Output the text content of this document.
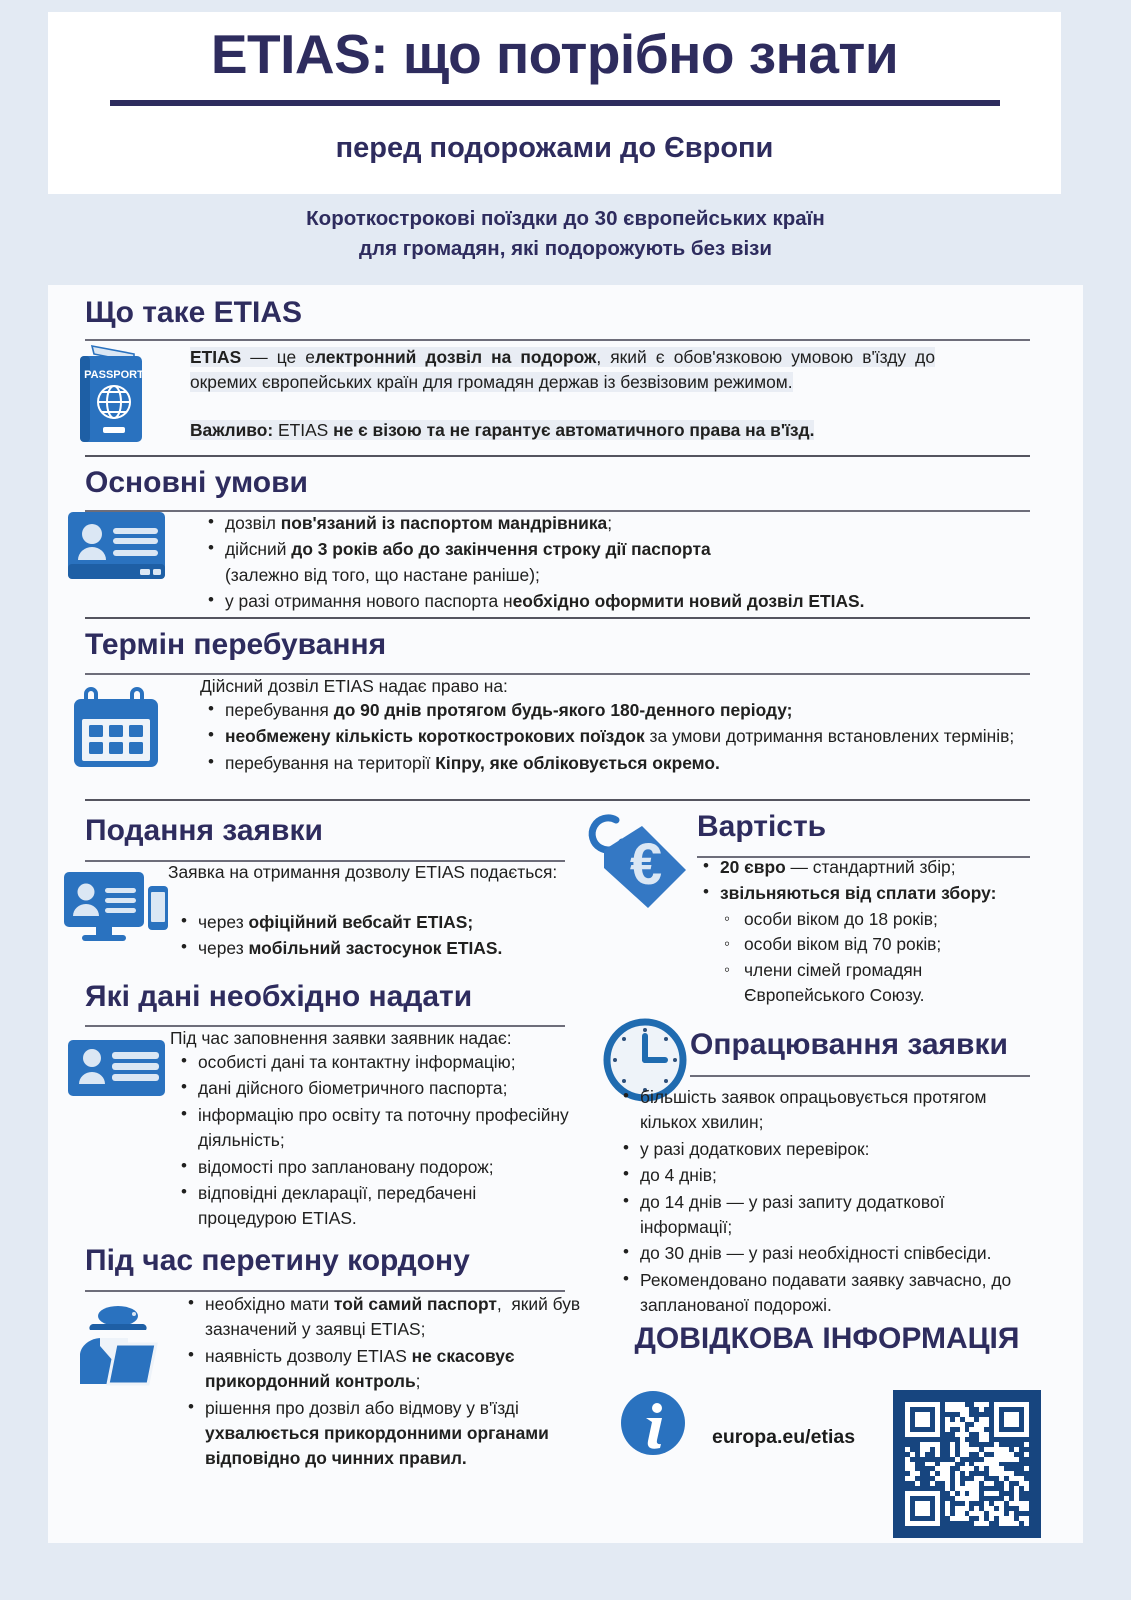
ETIAS: що потрібно знати
перед подорожами до Європи
Короткострокові поїздки до 30 європейських країн
для громадян, які подорожують без візи
Що таке ETIAS
PASSPORT
ETIAS — це електронний дозвіл на подорож, який є обов'язковою умовою в'їзду до окремих європейських країн для громадян держав із безвізовим режимом.
Важливо: ETIAS не є візою та не гарантує автоматичного права на в'їзд.
Основні умови
• дозвіл пов'язаний із паспортом мандрівника;
• дійсний до 3 років або до закінчення строку дії паспорта
(залежно від того, що настане раніше);
• у разі отримання нового паспорта необхідно оформити новий дозвіл ETIAS.
Термін перебування
Дійсний дозвіл ETIAS надає право на:
• перебування до 90 днів протягом будь-якого 180-денного періоду;
• необмежену кількість короткострокових поїздок за умови дотримання встановлених термінів;
• перебування на території Кіпру, яке обліковується окремо.
Подання заявки
Заявка на отримання дозволу ETIAS подається:
• через офіційний вебсайт ETIAS;
• через мобільний застосунок ETIAS.
Які дані необхідно надати
Під час заповнення заявки заявник надає:
• особисті дані та контактну інформацію;
• дані дійсного біометричного паспорта;
• інформацію про освіту та поточну професійну діяльність;
• відомості про заплановану подорож;
• відповідні декларації, передбачені процедурою ETIAS.
Під час перетину кордону
• необхідно мати той самий паспорт,  який був зазначений у заявці ETIAS;
• наявність дозволу ETIAS не скасовує прикордонний контроль;
• рішення про дозвіл або відмову у в'їзді ухвалюється прикордонними органами відповідно до чинних правил.
Вартість
€	• 20 євро — стандартний збір;
• звільняються від сплати збору:
◦ особи віком до 18 років;
◦ особи віком від 70 років;
◦ члени сімей громадян Європейського Союзу.
Опрацювання заявки
• більшість заявок опрацьовується протягом кількох хвилин;
• у разі додаткових перевірок:
• до 4 днів;
• до 14 днів — у разі запиту додаткової інформації;
• до 30 днів — у разі необхідності співбесіди.
• Рекомендовано подавати заявку завчасно, до запланованої подорожі.
ДОВІДКОВА ІНФОРМАЦІЯ
europa.eu/etias
